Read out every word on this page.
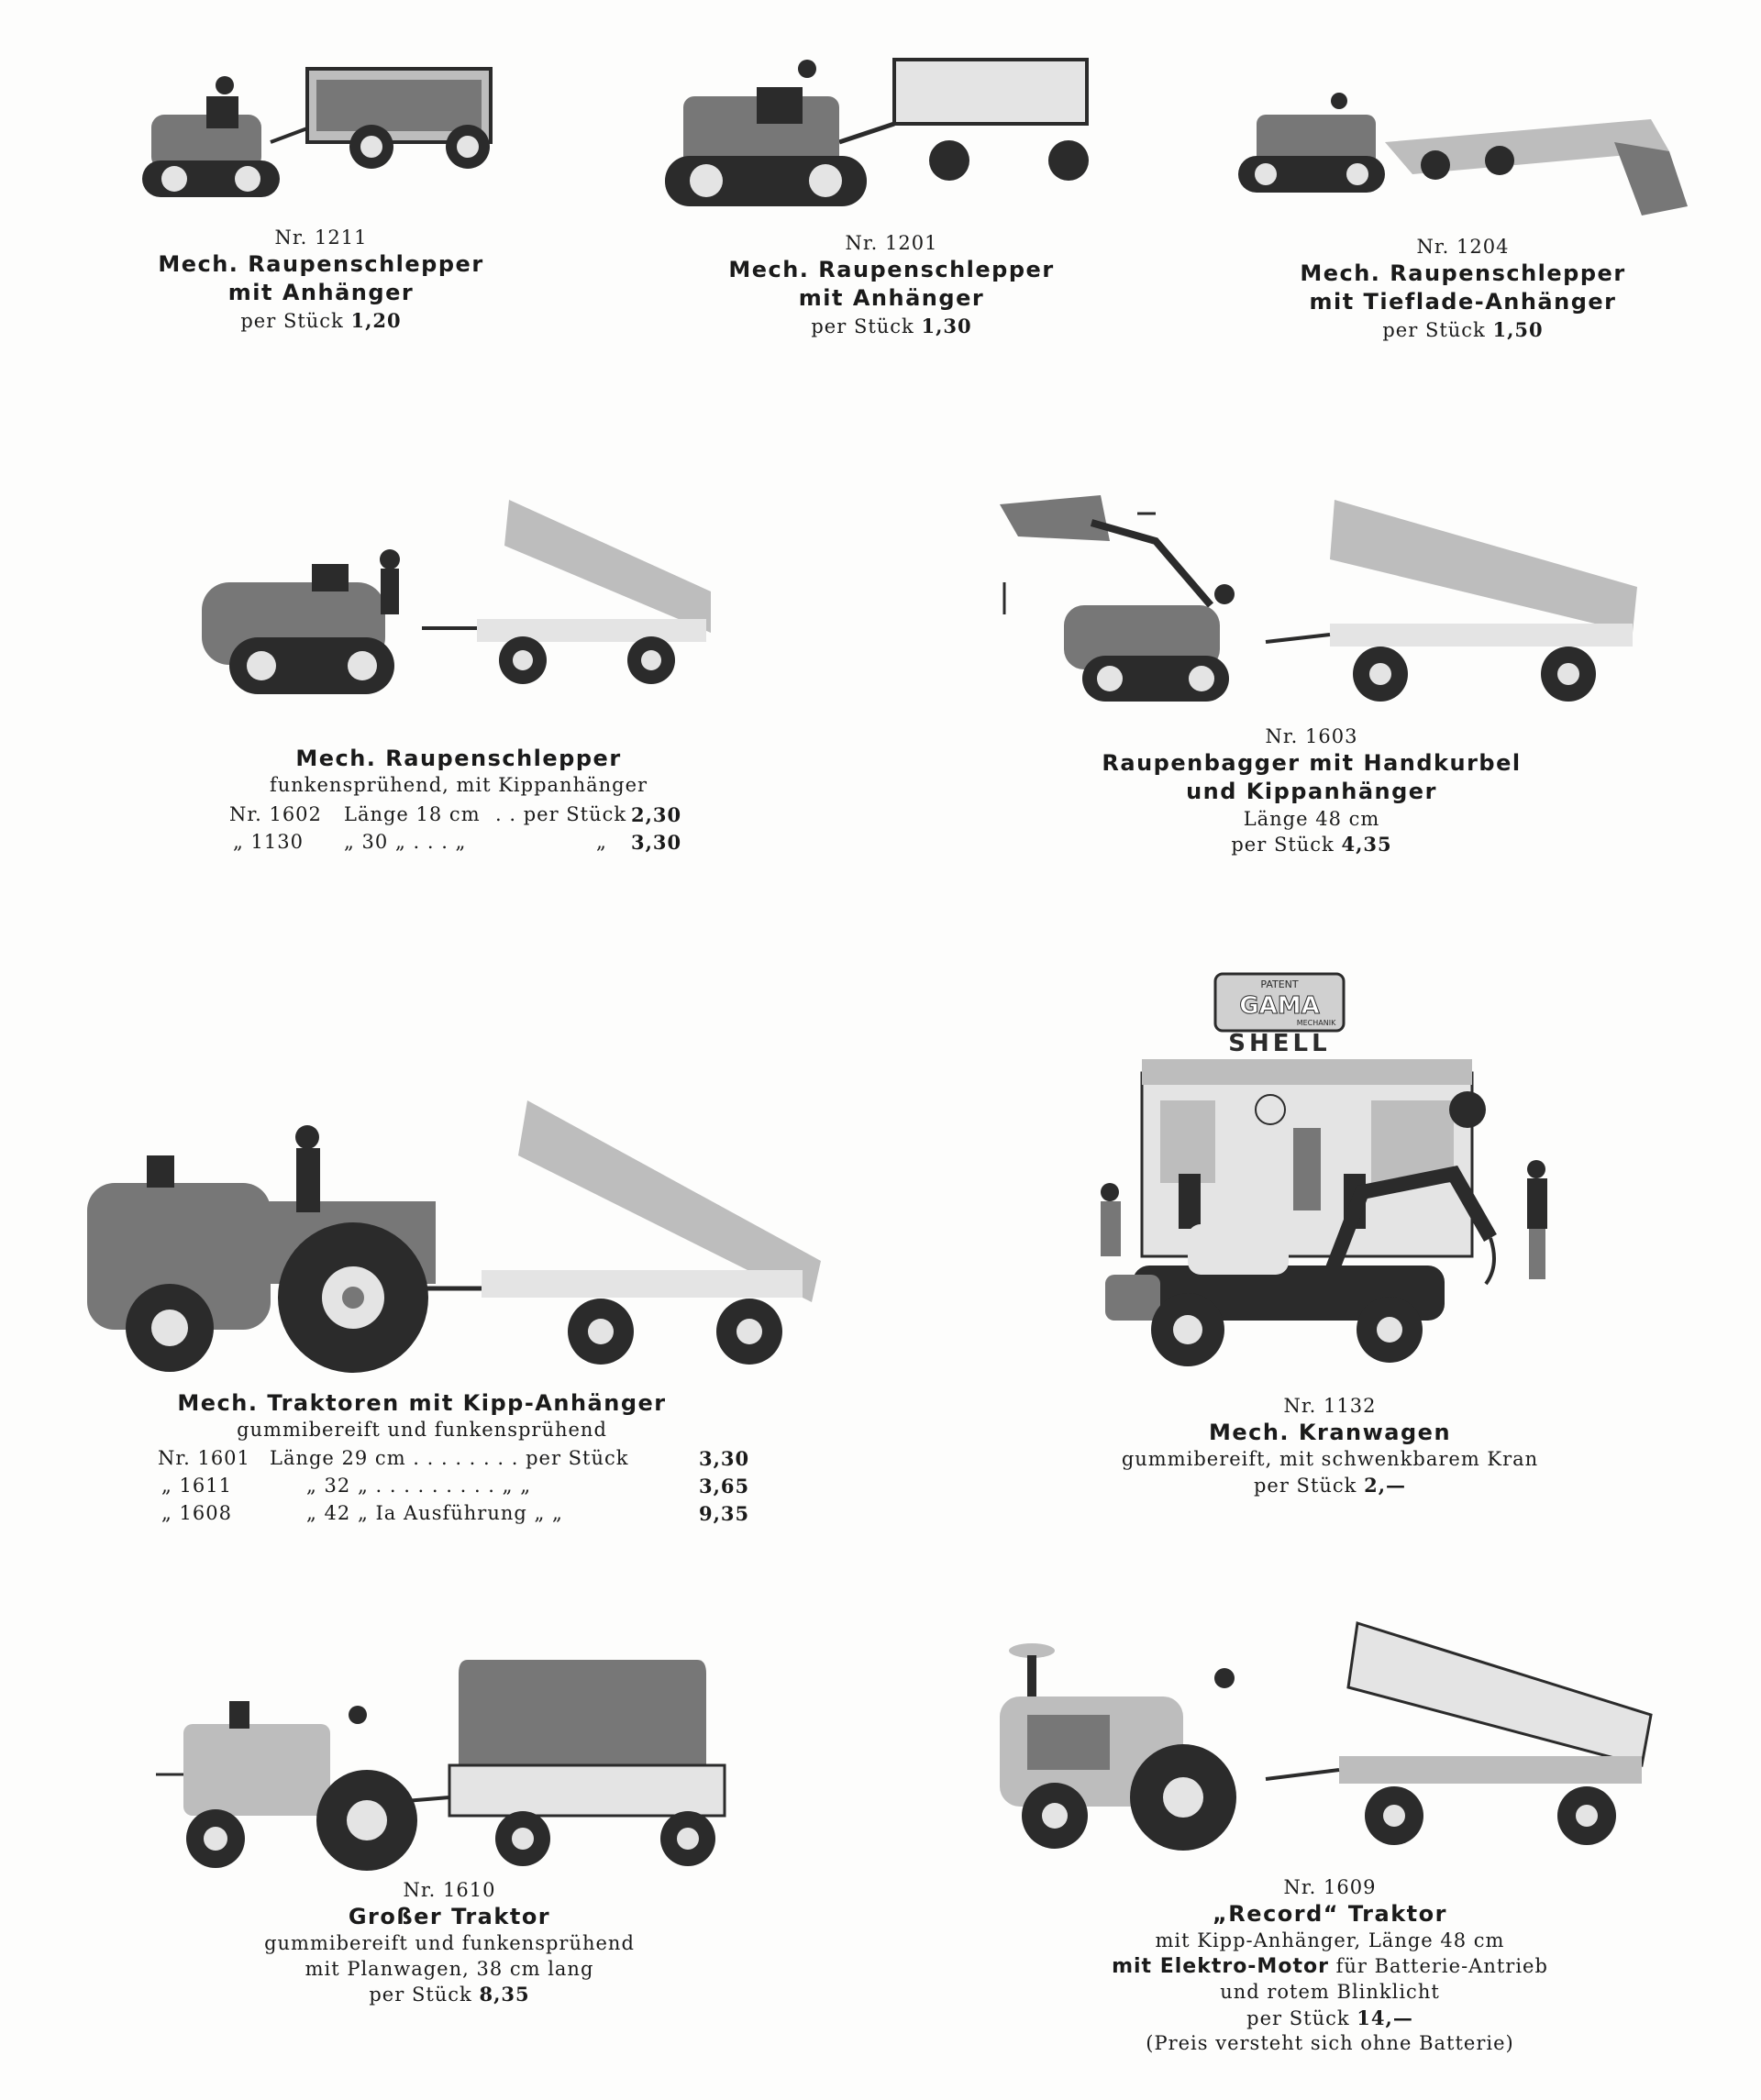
Nr. 1211
Mech. Raupenschlepper
mit Anhänger
per Stück 1,20
Nr. 1201
Mech. Raupenschlepper
mit Anhänger
per Stück 1,30
Nr. 1204
Mech. Raupenschlepper
mit Tieflade-Anhänger
per Stück 1,50
Mech. Raupenschlepper
funkensprühend, mit Kippanhänger
Nr. 1602 Länge 18 cm . . per Stück 2,30
„ 1130 „ 30 „ . . . „	„ 3,30
Nr. 1603
Raupenbagger mit Handkurbel
und Kippanhänger
Länge 48 cm
per Stück 4,35
Mech. Traktoren mit Kipp-Anhänger
gummibereift und funkensprühend
Nr. 1601 Länge 29 cm . . . . . . . . per Stück	3,30
„ 1611	„ 32 „ . . . . . . . . . „ „	3,65
„ 1608	„ 42 „ Ia Ausführung „ „	9,35
PATENT
GAMA
MECHANIK
SHELL
Nr. 1132
Mech. Kranwagen
gummibereift, mit schwenkbarem Kran
per Stück 2,—
Nr. 1610
Großer Traktor
gummibereift und funkensprühend
mit Planwagen, 38 cm lang
per Stück 8,35
Nr. 1609
„Record“ Traktor
mit Kipp-Anhänger, Länge 48 cm
mit Elektro-Motor für Batterie-Antrieb
und rotem Blinklicht
per Stück 14,—
(Preis versteht sich ohne Batterie)
